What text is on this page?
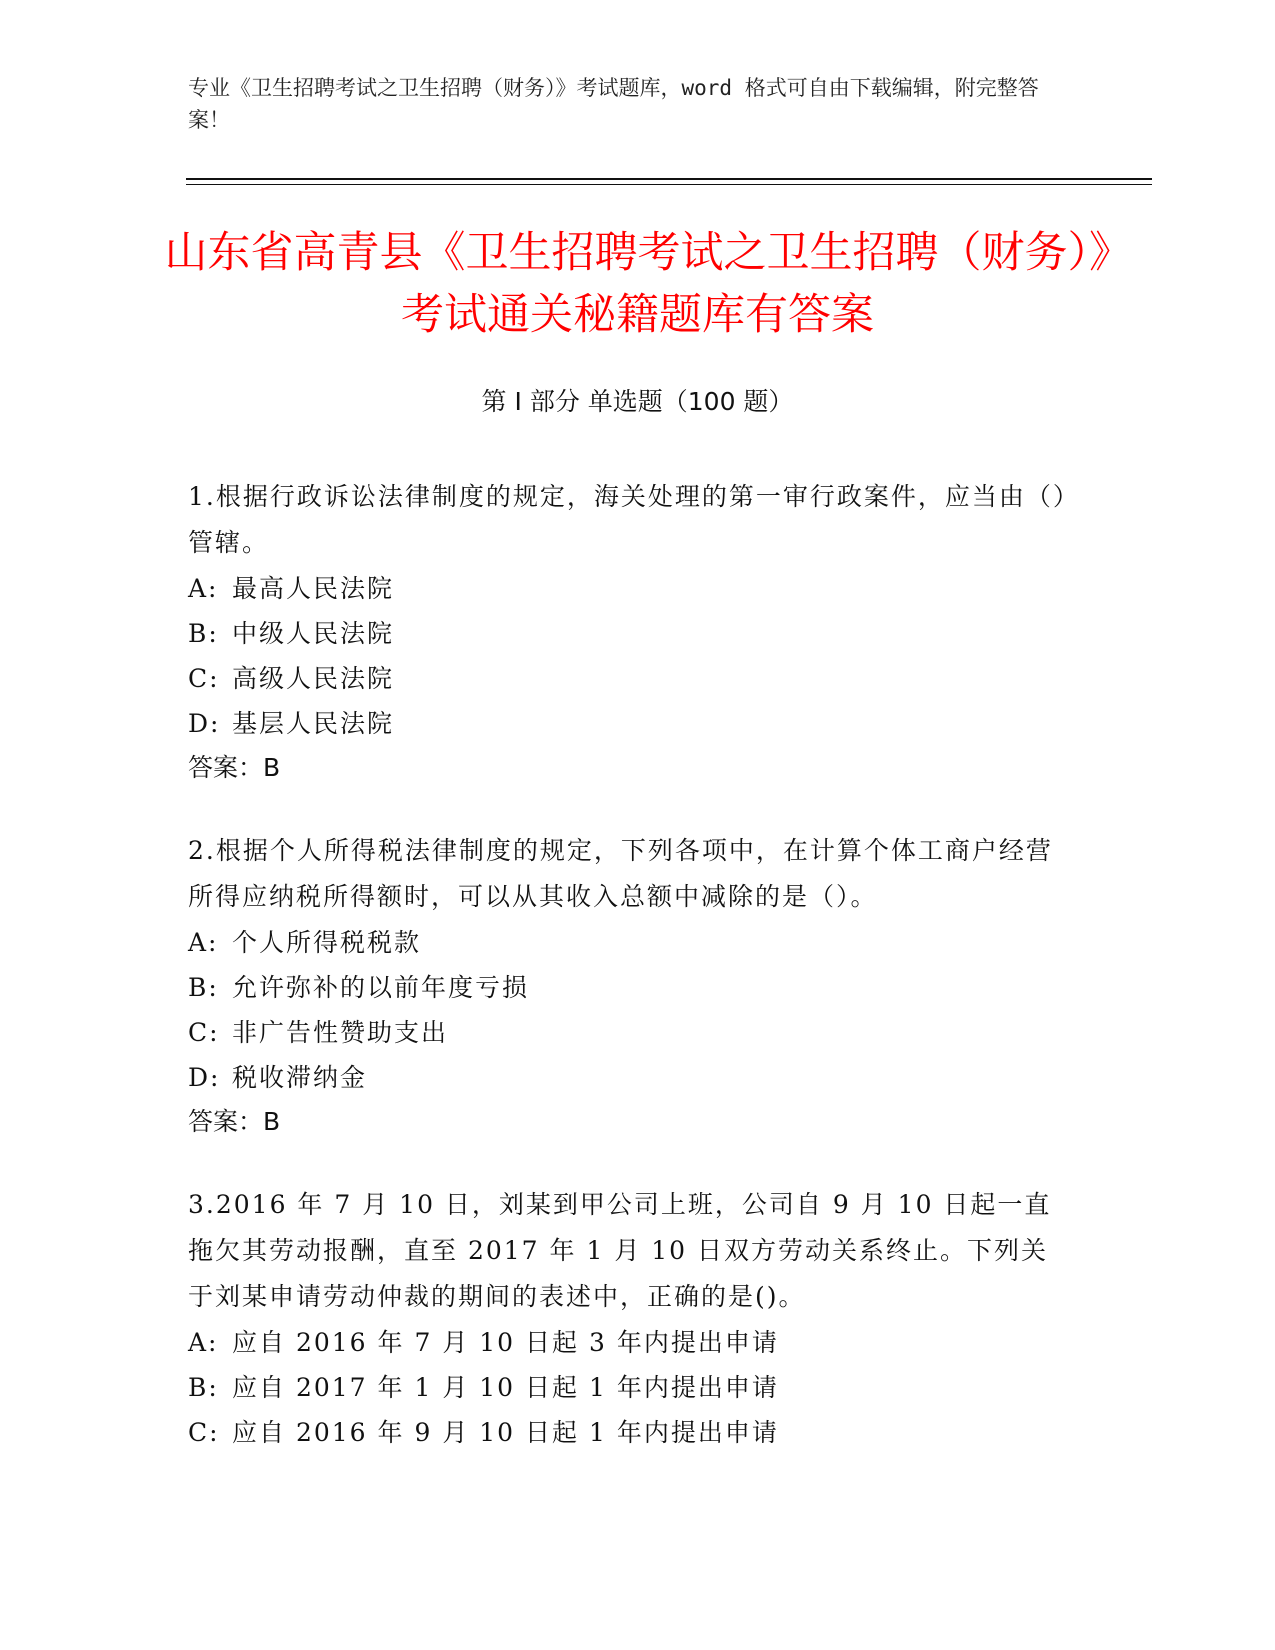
专业《卫生招聘考试之卫生招聘（财务）》考试题库，word 格式可自由下载编辑，附完整答案！
山东省高青县《卫生招聘考试之卫生招聘（财务）》考试通关秘籍题库有答案
第 I 部分 单选题（100 题）
1.根据行政诉讼法律制度的规定，海关处理的第一审行政案件，应当由（）管辖。
A: 最高人民法院
B: 中级人民法院
C: 高级人民法院
D: 基层人民法院
答案：B
2.根据个人所得税法律制度的规定，下列各项中，在计算个体工商户经营所得应纳税所得额时，可以从其收入总额中减除的是（）。
A: 个人所得税税款
B: 允许弥补的以前年度亏损
C: 非广告性赞助支出
D: 税收滞纳金
答案：B
3.2016 年 7 月 10 日，刘某到甲公司上班，公司自 9 月 10 日起一直拖欠其劳动报酬，直至 2017 年 1 月 10 日双方劳动关系终止。下列关于刘某申请劳动仲裁的期间的表述中，正确的是()。
A: 应自 2016 年 7 月 10 日起 3 年内提出申请
B: 应自 2017 年 1 月 10 日起 1 年内提出申请
C: 应自 2016 年 9 月 10 日起 1 年内提出申请
